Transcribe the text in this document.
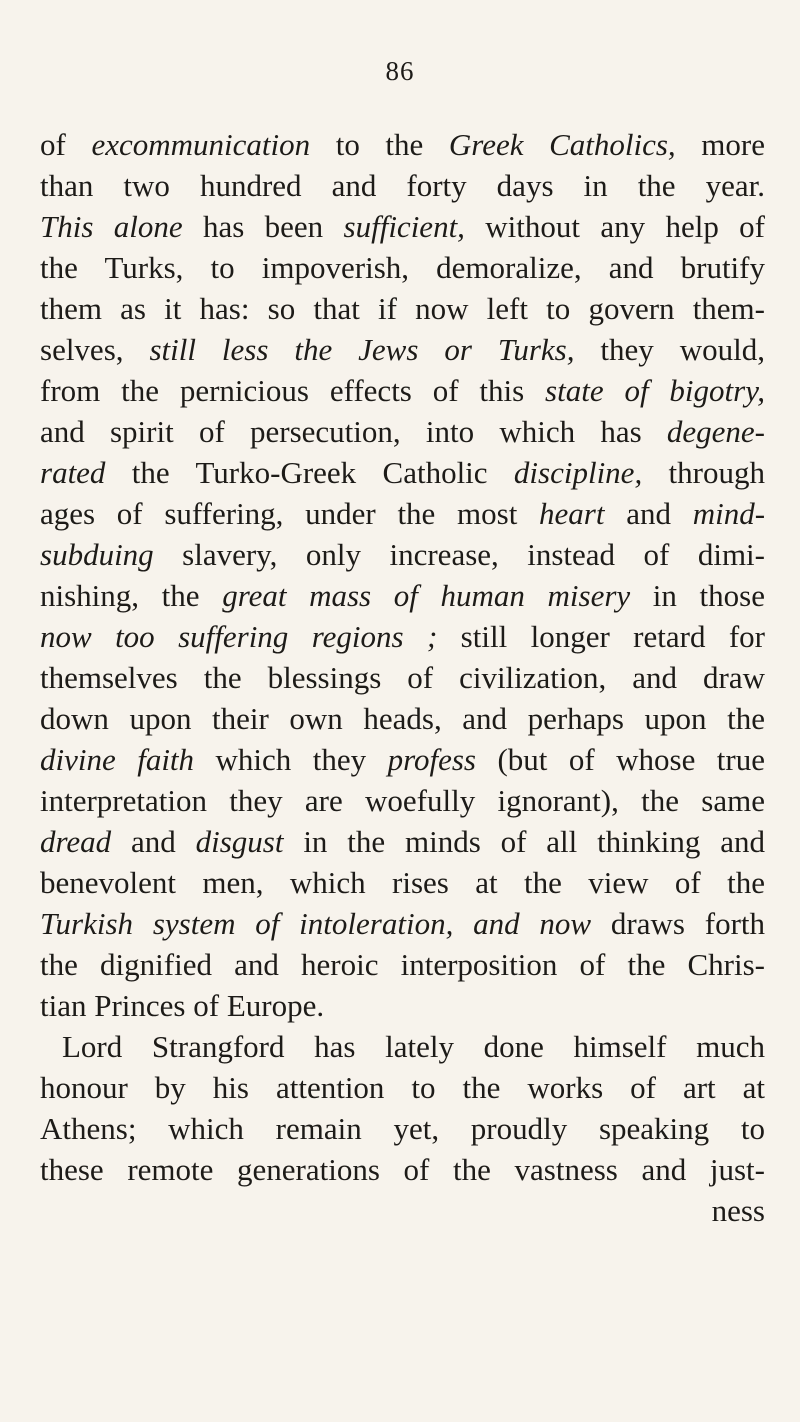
86
of excommunication to the Greek Catholics, more
than two hundred and forty days in the year.
This alone has been sufficient, without any help of
the Turks, to impoverish, demoralize, and brutify
them as it has: so that if now left to govern them-
selves, still less the Jews or Turks, they would,
from the pernicious effects of this state of bigotry,
and spirit of persecution, into which has degene-
rated the Turko-Greek Catholic discipline, through
ages of suffering, under the most heart and mind-
subduing slavery, only increase, instead of dimi-
nishing, the great mass of human misery in those
now too suffering regions ; still longer retard for
themselves the blessings of civilization, and draw
down upon their own heads, and perhaps upon the
divine faith which they profess (but of whose true
interpretation they are woefully ignorant), the same
dread and disgust in the minds of all thinking and
benevolent men, which rises at the view of the
Turkish system of intoleration, and now draws forth
the dignified and heroic interposition of the Chris-
tian Princes of Europe.
Lord Strangford has lately done himself much
honour by his attention to the works of art at
Athens; which remain yet, proudly speaking to
these remote generations of the vastness and just-
ness
